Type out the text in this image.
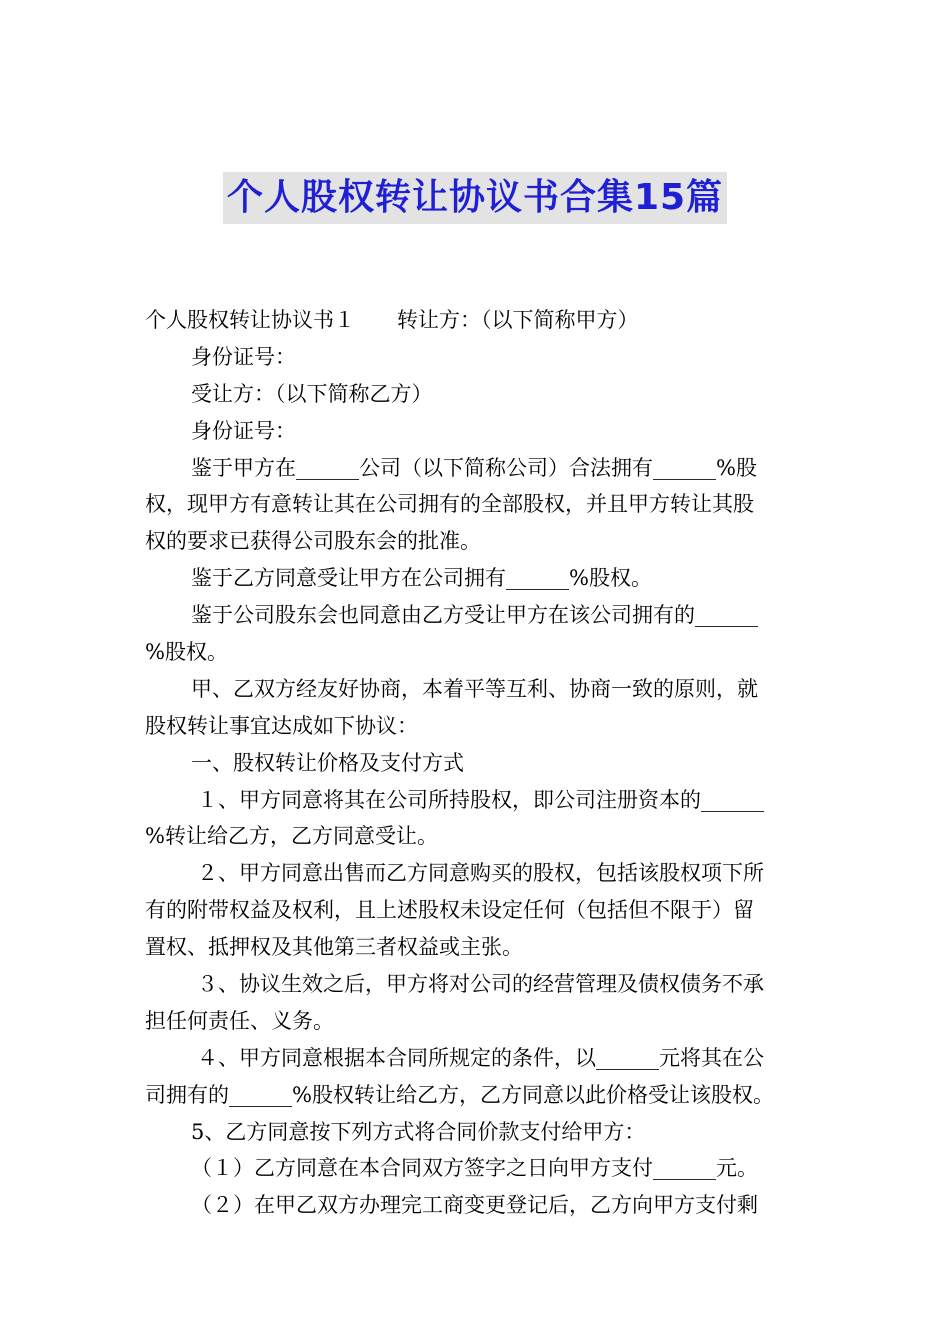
个人股权转让协议书合集15篇
个人股权转让协议书１ 转让方：（以下简称甲方）
身份证号：
受让方：（以下简称乙方）
身份证号：
鉴于甲方在______公司（以下简称公司）合法拥有______%股
权，现甲方有意转让其在公司拥有的全部股权，并且甲方转让其股
权的要求已获得公司股东会的批准。
鉴于乙方同意受让甲方在公司拥有______%股权。
鉴于公司股东会也同意由乙方受让甲方在该公司拥有的______
%股权。
甲、乙双方经友好协商，本着平等互利、协商一致的原则，就
股权转让事宜达成如下协议：
一、股权转让价格及支付方式
１、甲方同意将其在公司所持股权，即公司注册资本的______
%转让给乙方，乙方同意受让。
２、甲方同意出售而乙方同意购买的股权，包括该股权项下所
有的附带权益及权利，且上述股权未设定任何（包括但不限于）留
置权、抵押权及其他第三者权益或主张。
３、协议生效之后，甲方将对公司的经营管理及债权债务不承
担任何责任、义务。
４、甲方同意根据本合同所规定的条件，以______元将其在公
司拥有的______%股权转让给乙方，乙方同意以此价格受让该股权。
5、乙方同意按下列方式将合同价款支付给甲方：
（１）乙方同意在本合同双方签字之日向甲方支付______元。
（２）在甲乙双方办理完工商变更登记后，乙方向甲方支付剩
